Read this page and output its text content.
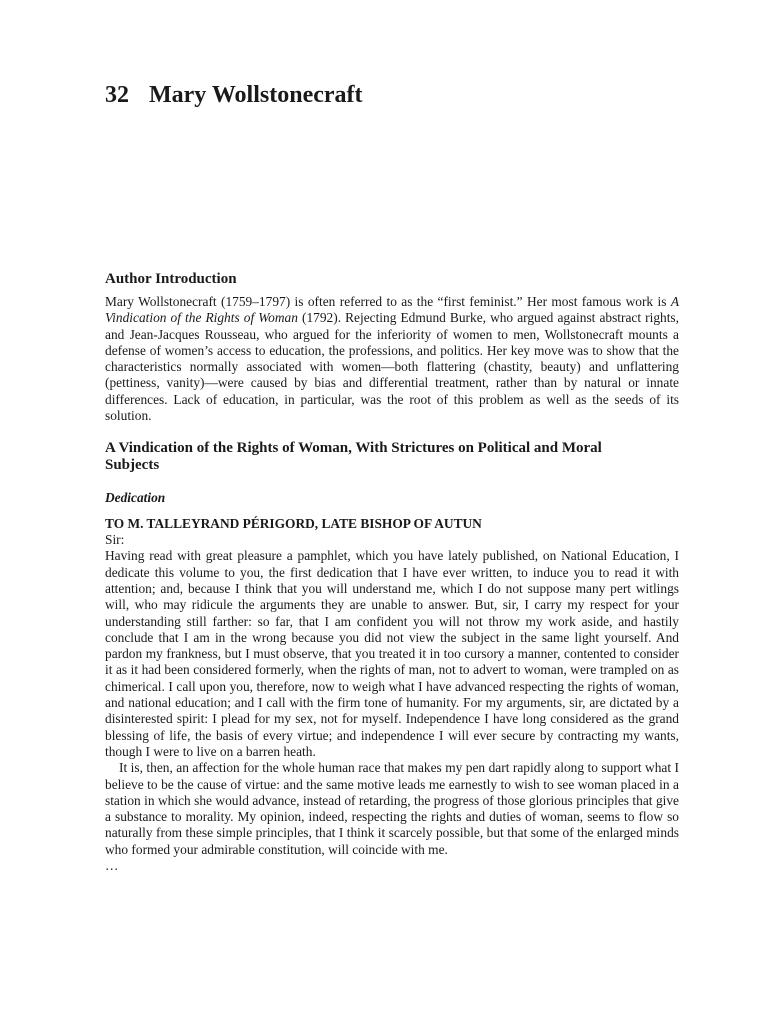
32 Mary Wollstonecraft
Author Introduction

Mary Wollstonecraft (1759–1797) is often referred to as the “first feminist.” Her most famous work is A Vindication of the Rights of Woman (1792). Rejecting Edmund Burke, who argued against abstract rights, and Jean-Jacques Rousseau, who argued for the inferiority of women to men, Wollstonecraft mounts a defense of women’s access to education, the professions, and politics. Her key move was to show that the characteristics normally associated with women—both flattering (chastity, beauty) and unflattering (pettiness, vanity)—were caused by bias and differential treatment, rather than by natural or innate differences. Lack of education, in particular, was the root of this problem as well as the seeds of its solution.

A Vindication of the Rights of Woman, With Strictures on Political and Moral Subjects
Dedication

TO M. TALLEYRAND PÉRIGORD, LATE BISHOP OF AUTUN

Sir:

Having read with great pleasure a pamphlet, which you have lately published, on National Education, I dedicate this volume to you, the first dedication that I have ever written, to induce you to read it with attention; and, because I think that you will understand me, which I do not suppose many pert witlings will, who may ridicule the arguments they are unable to answer. But, sir, I carry my respect for your understanding still farther: so far, that I am confident you will not throw my work aside, and hastily conclude that I am in the wrong because you did not view the subject in the same light yourself. And pardon my frankness, but I must observe, that you treated it in too cursory a manner, contented to consider it as it had been considered formerly, when the rights of man, not to advert to woman, were trampled on as chimerical. I call upon you, therefore, now to weigh what I have advanced respecting the rights of woman, and national education; and I call with the firm tone of humanity. For my arguments, sir, are dictated by a disinterested spirit: I plead for my sex, not for myself. Independence I have long considered as the grand blessing of life, the basis of every virtue; and independence I will ever secure by contracting my wants, though I were to live on a barren heath.

It is, then, an affection for the whole human race that makes my pen dart rapidly along to support what I believe to be the cause of virtue: and the same motive leads me earnestly to wish to see woman placed in a station in which she would advance, instead of retarding, the progress of those glorious principles that give a substance to morality. My opinion, indeed, respecting the rights and duties of woman, seems to flow so naturally from these simple principles, that I think it scarcely possible, but that some of the enlarged minds who formed your admirable constitution, will coincide with me.

…
